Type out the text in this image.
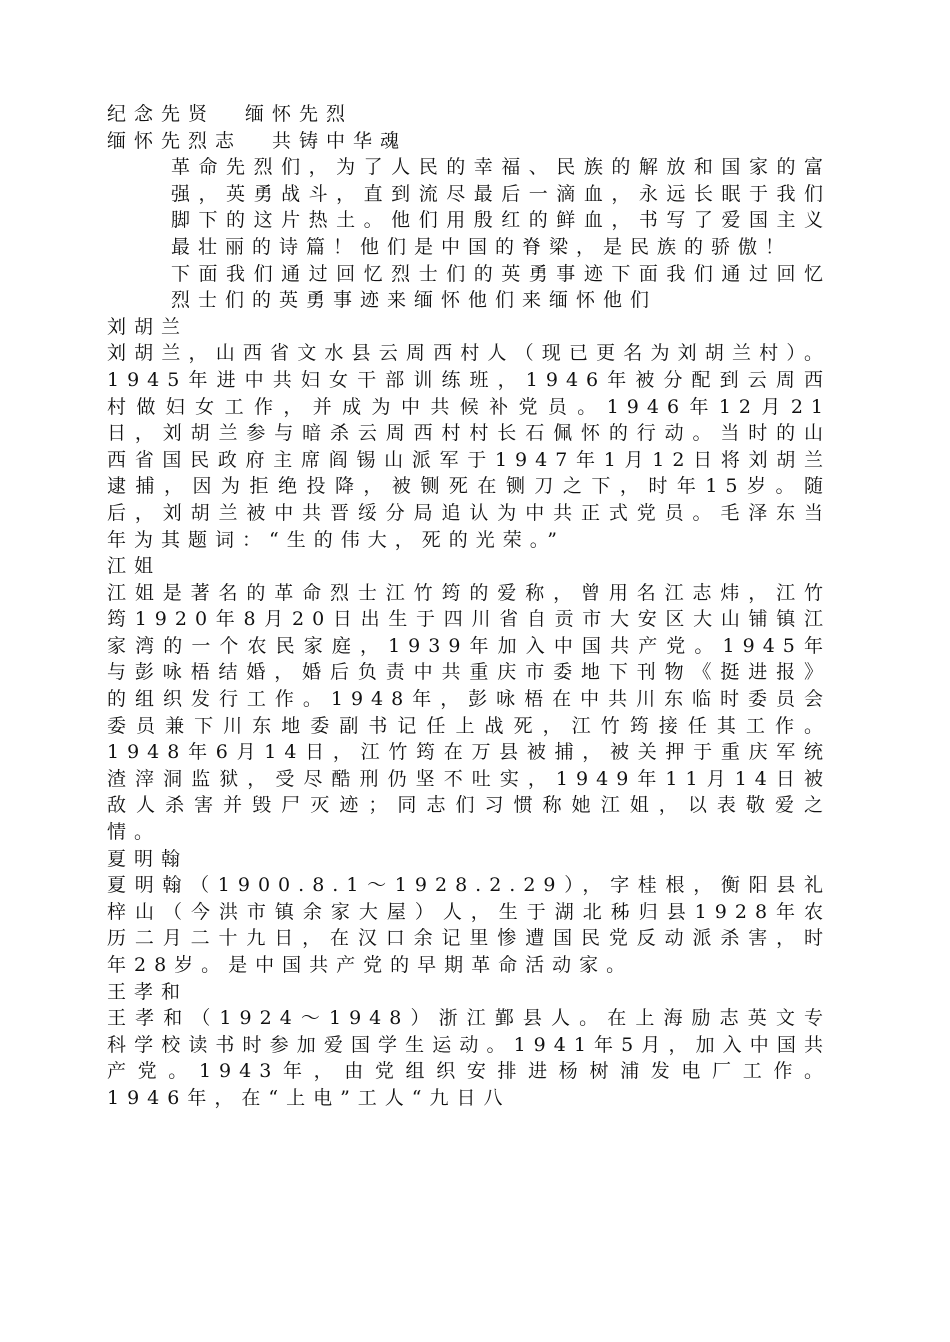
纪念先贤 缅怀先烈
缅怀先烈志 共铸中华魂
革命先烈们，为了人民的幸福、民族的解放和国家的富强，英勇战斗，直到流尽最后一滴血，永远长眠于我们脚下的这片热土。他们用殷红的鲜血，书写了爱国主义最壮丽的诗篇！他们是中国的脊梁，是民族的骄傲！
下面我们通过回忆烈士们的英勇事迹下面我们通过回忆烈士们的英勇事迹来缅怀他们来缅怀他们
刘胡兰
刘胡兰，山西省文水县云周西村人（现已更名为刘胡兰村）。1945年进中共妇女干部训练班，1946年被分配到云周西村做妇女工作，并成为中共候补党员。1946年12月21日，刘胡兰参与暗杀云周西村村长石佩怀的行动。当时的山西省国民政府主席阎锡山派军于1947年1月12日将刘胡兰逮捕，因为拒绝投降，被铡死在铡刀之下，时年15岁。随后，刘胡兰被中共晋绥分局追认为中共正式党员。毛泽东当年为其题词：“生的伟大，死的光荣。”
江姐
江姐是著名的革命烈士江竹筠的爱称，曾用名江志炜，江竹筠1920年8月20日出生于四川省自贡市大安区大山铺镇江家湾的一个农民家庭，1939年加入中国共产党。1945年与彭咏梧结婚，婚后负责中共重庆市委地下刊物《挺进报》的组织发行工作。1948年，彭咏梧在中共川东临时委员会委员兼下川东地委副书记任上战死，江竹筠接任其工作。1948年6月14日，江竹筠在万县被捕，被关押于重庆军统渣滓洞监狱，受尽酷刑仍坚不吐实，1949年11月14日被敌人杀害并毁尸灭迹；同志们习惯称她江姐，以表敬爱之情。
夏明翰
夏明翰（1900.8.1～1928.2.29），字桂根，衡阳县礼梓山（今洪市镇余家大屋）人，生于湖北秭归县1928年农历二月二十九日，在汉口余记里惨遭国民党反动派杀害，时年28岁。是中国共产党的早期革命活动家。
王孝和
王孝和（1924～1948）浙江鄞县人。在上海励志英文专科学校读书时参加爱国学生运动。1941年5月，加入中国共产党。1943年，由党组织安排进杨树浦发电厂工作。1946年，在“上电”工人“九日八
